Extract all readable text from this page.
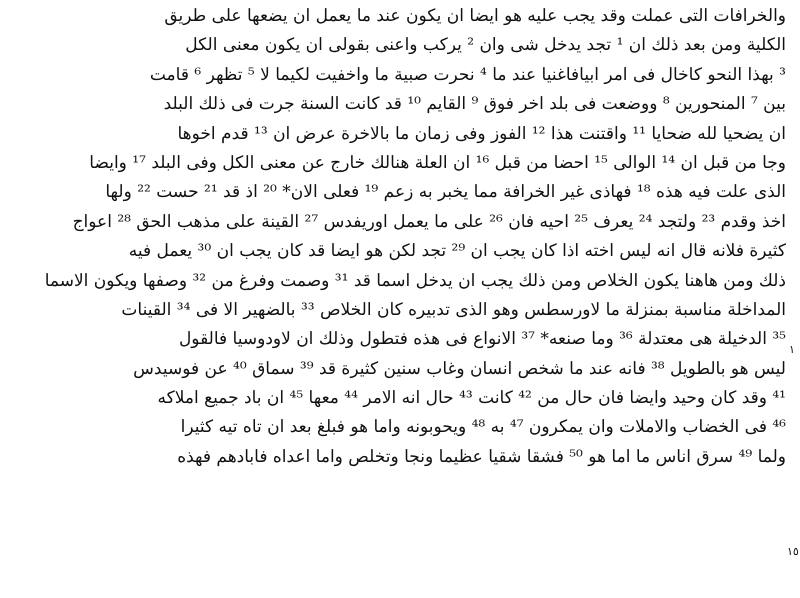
والخرافات التى عملت وقد يجب عليه هو ايضا ان يكون عند ما يعمل ان يضعها على طريق
الكلية ومن بعد ذلك ان ¹ تجد يدخل شى وان ² يركب واعنى بقولى ان يكون معنى الكل
³ بهذا النحو كاخال فى امر ابيافاغنيا عند ما ⁴ نحرت صبية ما واخفيت لكيما لا ⁵ تظهر ⁶ قامت
بين ⁷ المنحورين ⁸ ووضعت فى بلد اخر فوق ⁹ القايم ¹⁰ قد كانت السنة جرت فى ذلك البلد
ان يضحيا لله ضحايا ¹¹ واقتنت هذا ¹² الفوز وفى زمان ما بالاخرة عرض ان ¹³ قدم اخوها
وجا من قبل ان ¹⁴ الوالى ¹⁵ احضا من قبل ¹⁶ ان العلة هنالك خارج عن معنى الكل وفى البلد ¹⁷ وايضا
الذى علت فيه هذه ¹⁸ فهاذى غير الخرافة مما يخبر به زعم ¹⁹ فعلى الان* ²⁰ اذ قد ²¹ حست ²² ولها
اخذ وقدم ²³ ولتجد ²⁴ يعرف ²⁵ احيه فان ²⁶ على ما يعمل اوريفدس ²⁷ القينة على مذهب الحق ²⁸ اعواج
كثيرة فلانه قال انه ليس اخته اذا كان يجب ان ²⁹ تجد لكن هو ايضا قد كان يجب ان ³⁰ يعمل فيه
ذلك ومن هاهنا يكون الخلاص ومن ذلك يجب ان يدخل اسما قد ³¹ وصمت وفرغ من ³² وصفها ويكون الاسما
المداخلة مناسبة بمنزلة ما لاورسطس وهو الذى تدبيره كان الخلاص ³³ بالضهير الا فى ³⁴ القينات
³⁵ الدخيلة هى معتدلة ³⁶ وما صنعه* ³⁷ الانواع فى هذه فتطول وذلك ان لاودوسيا فالقول
ليس هو بالطويل ³⁸ فانه عند ما شخص انسان وغاب سنين كثيرة قد ³⁹ سماق ⁴⁰ عن فوسيدس
⁴¹ وقد كان وحيد وايضا فان حال من ⁴² كانت ⁴³ حال انه الامر ⁴⁴ معها ⁴⁵ ان باد جميع املاكه
⁴⁶ فى الخضاب والاملات وان يمكرون ⁴⁷ به ⁴⁸ ويحوبونه واما هو فبلغ بعد ان تاه تيه كثيرا
ولما ⁴⁹ سرق اناس ما اما هو ⁵⁰ فشقا شقيا عظيما ونجا وتخلص واما اعداه فابادهم فهذه
١
١٥
